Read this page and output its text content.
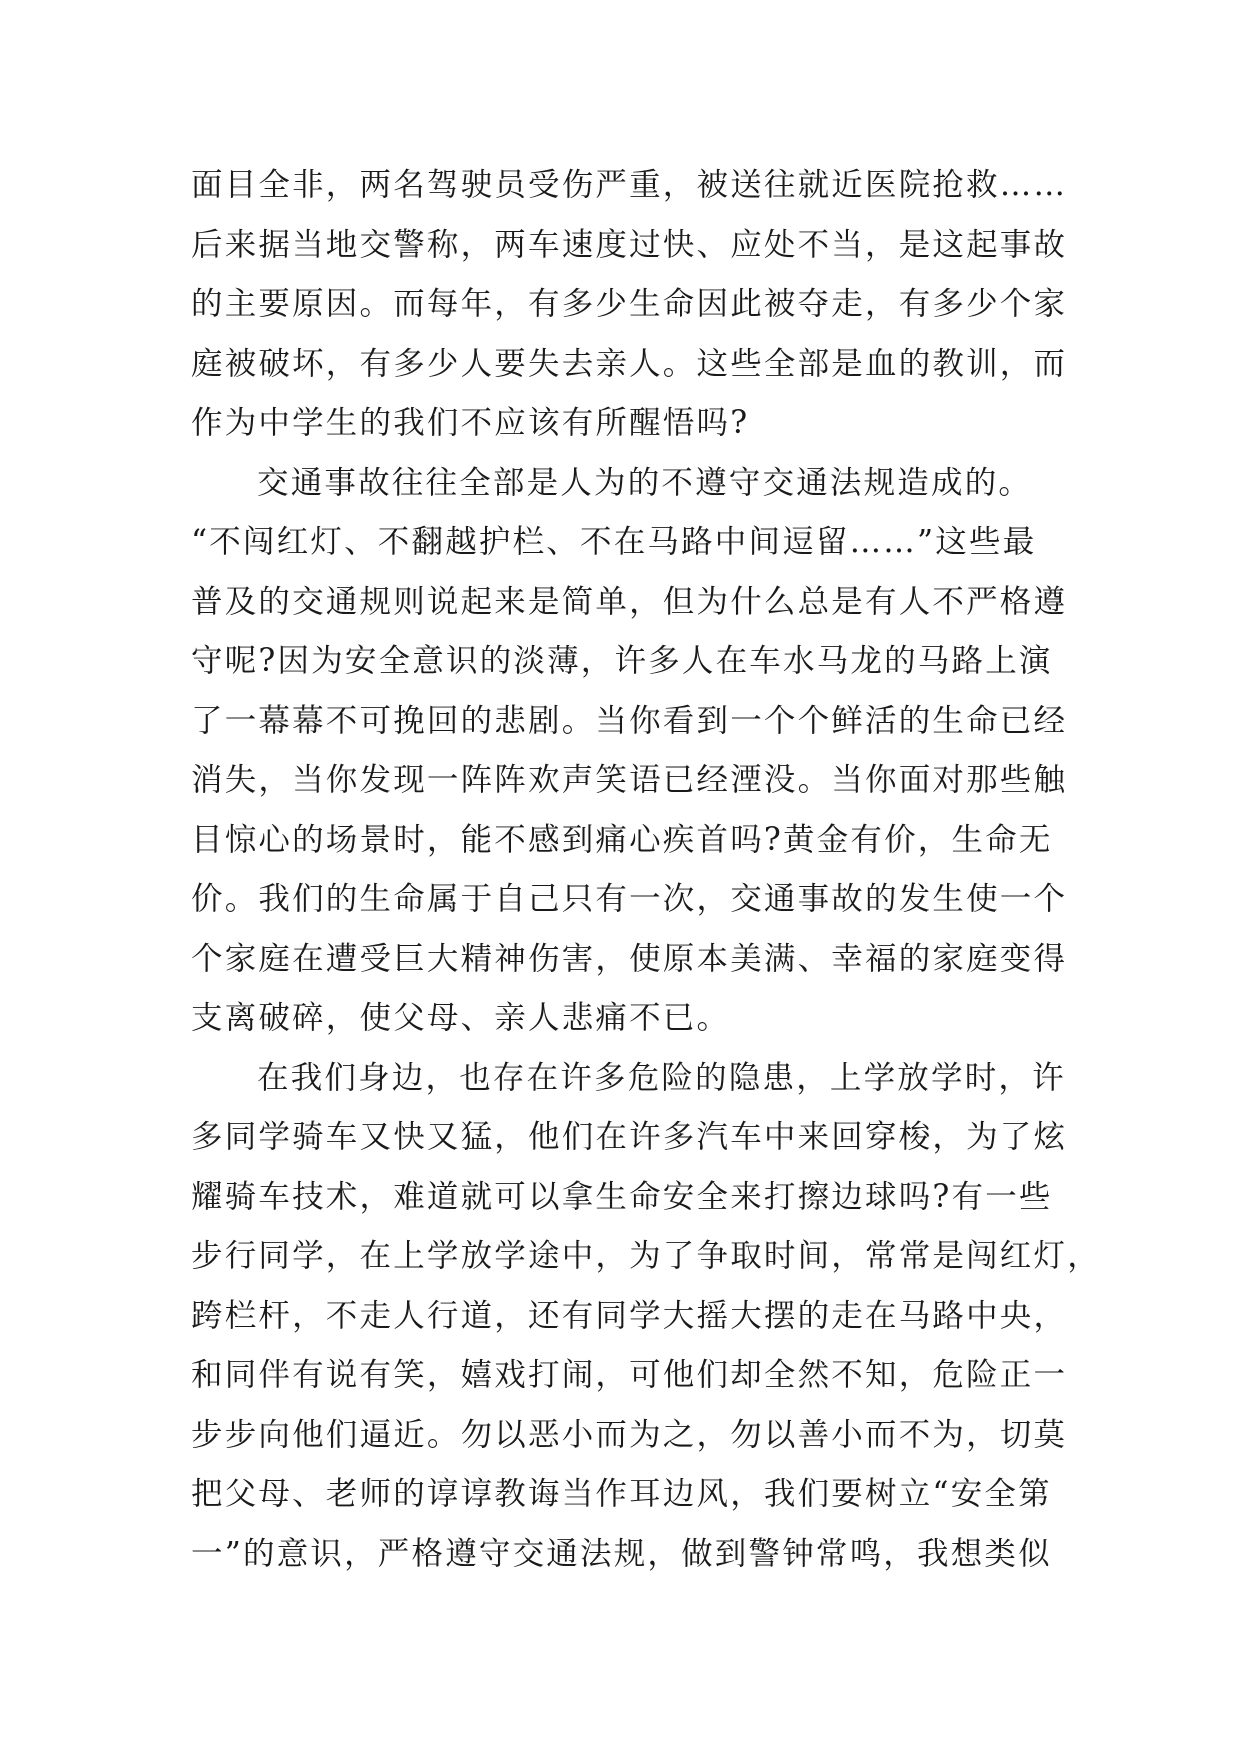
面目全非，两名驾驶员受伤严重，被送往就近医院抢救……
后来据当地交警称，两车速度过快、应处不当，是这起事故
的主要原因。而每年，有多少生命因此被夺走，有多少个家
庭被破坏，有多少人要失去亲人。这些全部是血的教训，而
作为中学生的我们不应该有所醒悟吗?
交通事故往往全部是人为的不遵守交通法规造成的。
“不闯红灯、不翻越护栏、不在马路中间逗留……”这些最
普及的交通规则说起来是简单，但为什么总是有人不严格遵
守呢?因为安全意识的淡薄，许多人在车水马龙的马路上演
了一幕幕不可挽回的悲剧。当你看到一个个鲜活的生命已经
消失，当你发现一阵阵欢声笑语已经湮没。当你面对那些触
目惊心的场景时，能不感到痛心疾首吗?黄金有价，生命无
价。我们的生命属于自己只有一次，交通事故的发生使一个
个家庭在遭受巨大精神伤害，使原本美满、幸福的家庭变得
支离破碎，使父母、亲人悲痛不已。
在我们身边，也存在许多危险的隐患，上学放学时，许
多同学骑车又快又猛，他们在许多汽车中来回穿梭，为了炫
耀骑车技术，难道就可以拿生命安全来打擦边球吗?有一些
步行同学，在上学放学途中，为了争取时间，常常是闯红灯，
跨栏杆，不走人行道，还有同学大摇大摆的走在马路中央，
和同伴有说有笑，嬉戏打闹，可他们却全然不知，危险正一
步步向他们逼近。勿以恶小而为之，勿以善小而不为，切莫
把父母、老师的谆谆教诲当作耳边风，我们要树立“安全第
一”的意识，严格遵守交通法规，做到警钟常鸣，我想类似
